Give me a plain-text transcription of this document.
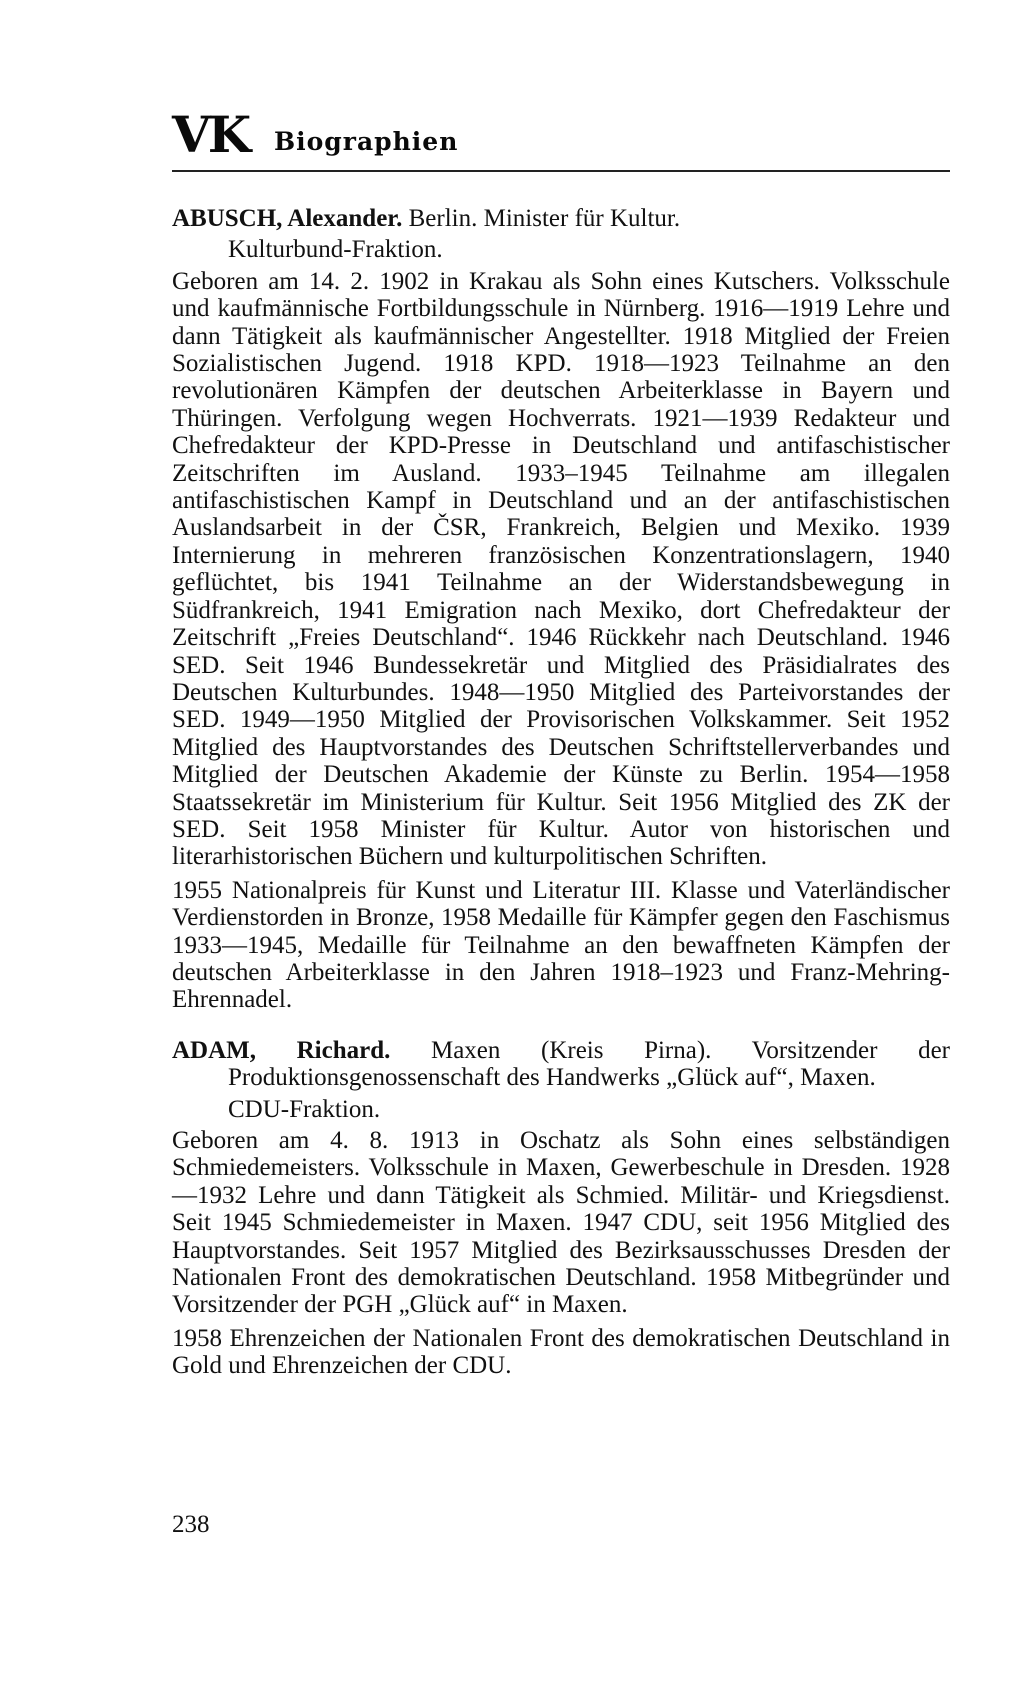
VK Biographien

ABUSCH, Alexander. Berlin. Minister für Kultur.

Kulturbund-Fraktion.

Geboren am 14. 2. 1902 in Krakau als Sohn eines Kutschers. Volksschule und kaufmännische Fortbildungsschule in Nürnberg. 1916—1919 Lehre und dann Tätigkeit als kaufmännischer Angestellter. 1918 Mitglied der Freien Sozialistischen Jugend. 1918 KPD. 1918—1923 Teilnahme an den revolutionären Kämpfen der deutschen Arbeiterklasse in Bayern und Thüringen. Verfolgung wegen Hochverrats. 1921—1939 Redakteur und Chefredakteur der KPD-Presse in Deutschland und antifaschistischer Zeitschriften im Ausland. 1933–1945 Teilnahme am illegalen antifaschistischen Kampf in Deutschland und an der antifaschistischen Auslandsarbeit in der ČSR, Frankreich, Belgien und Mexiko. 1939 Internierung in mehreren französischen Konzentrationslagern, 1940 geflüchtet, bis 1941 Teilnahme an der Widerstandsbewegung in Südfrankreich, 1941 Emigration nach Mexiko, dort Chefredakteur der Zeitschrift „Freies Deutschland“. 1946 Rückkehr nach Deutschland. 1946 SED. Seit 1946 Bundessekretär und Mitglied des Präsidialrates des Deutschen Kulturbundes. 1948—1950 Mitglied des Parteivorstandes der SED. 1949—1950 Mitglied der Provisorischen Volkskammer. Seit 1952 Mitglied des Hauptvorstandes des Deutschen Schriftstellerverbandes und Mitglied der Deutschen Akademie der Künste zu Berlin. 1954—1958 Staatssekretär im Ministerium für Kultur. Seit 1956 Mitglied des ZK der SED. Seit 1958 Minister für Kultur. Autor von historischen und literarhistorischen Büchern und kulturpolitischen Schriften.

1955 Nationalpreis für Kunst und Literatur III. Klasse und Vaterländischer Verdienstorden in Bronze, 1958 Medaille für Kämpfer gegen den Faschismus 1933—1945, Medaille für Teilnahme an den bewaffneten Kämpfen der deutschen Arbeiterklasse in den Jahren 1918–1923 und Franz-Mehring-Ehrennadel.

ADAM, Richard. Maxen (Kreis Pirna). Vorsitzender der Produktionsgenossenschaft des Handwerks „Glück auf“, Maxen.

CDU-Fraktion.

Geboren am 4. 8. 1913 in Oschatz als Sohn eines selbständigen Schmiedemeisters. Volksschule in Maxen, Gewerbeschule in Dresden. 1928—1932 Lehre und dann Tätigkeit als Schmied. Militär- und Kriegsdienst. Seit 1945 Schmiedemeister in Maxen. 1947 CDU, seit 1956 Mitglied des Hauptvorstandes. Seit 1957 Mitglied des Bezirksausschusses Dresden der Nationalen Front des demokratischen Deutschland. 1958 Mitbegründer und Vorsitzender der PGH „Glück auf“ in Maxen.

1958 Ehrenzeichen der Nationalen Front des demokratischen Deutschland in Gold und Ehrenzeichen der CDU.

238
